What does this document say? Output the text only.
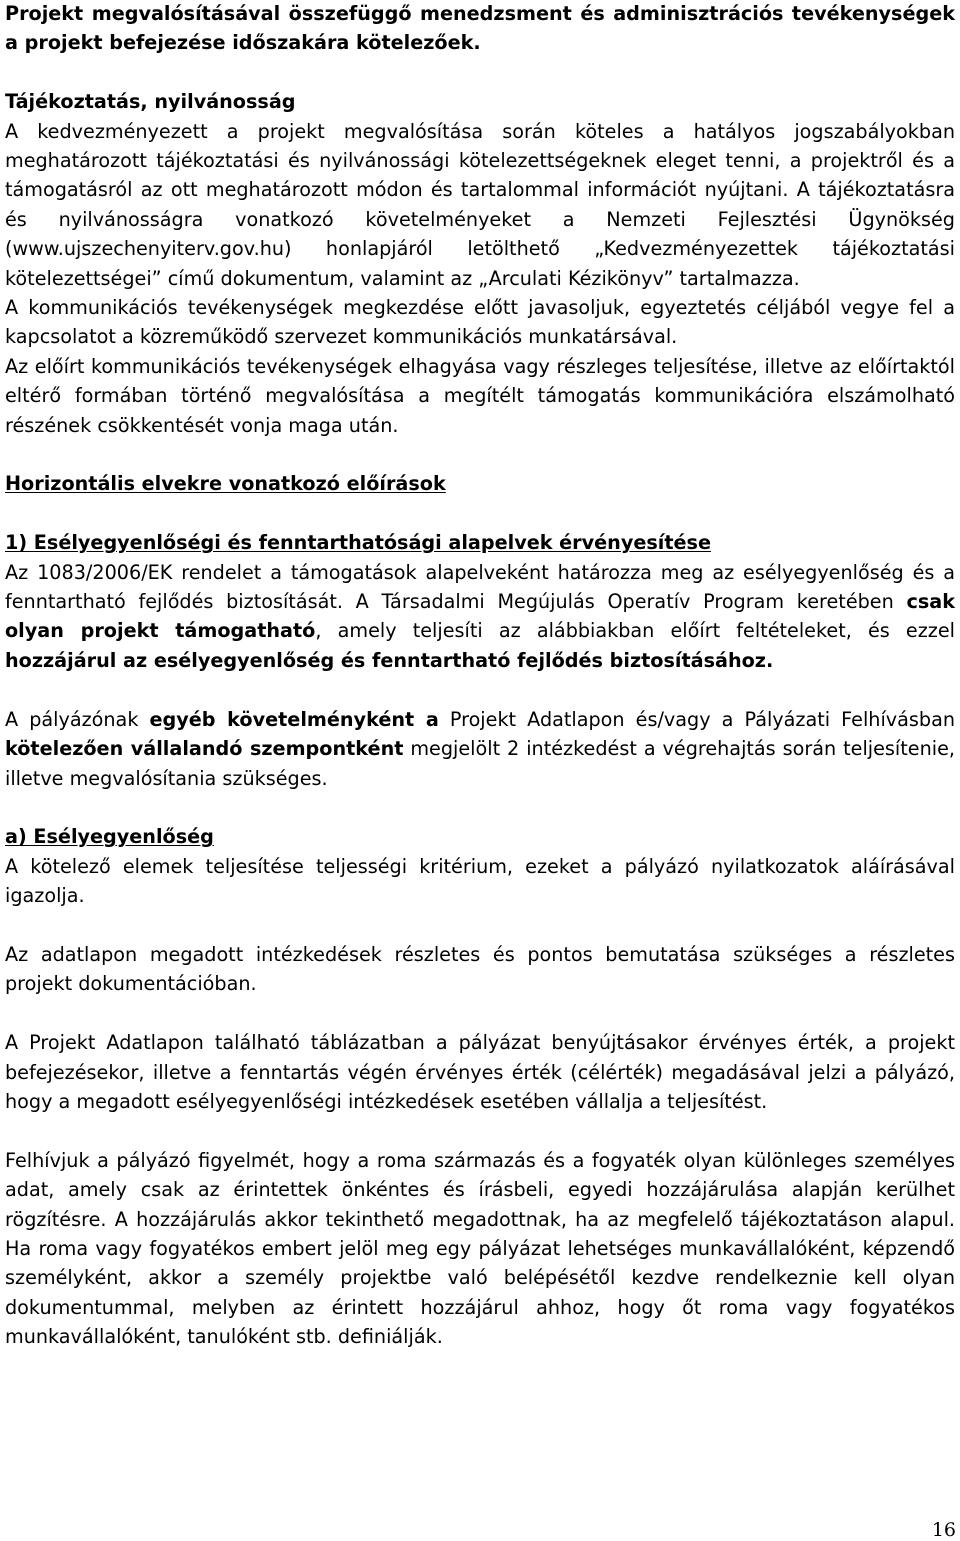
Projekt megvalósításával összefüggő menedzsment és adminisztrációs tevékenységek a projekt befejezése időszakára kötelezőek.

Tájékoztatás, nyilvánosság

A kedvezményezett a projekt megvalósítása során köteles a hatályos jogszabályokban meghatározott tájékoztatási és nyilvánossági kötelezettségeknek eleget tenni, a projektről és a támogatásról az ott meghatározott módon és tartalommal információt nyújtani. A tájékoztatásra és nyilvánosságra vonatkozó követelményeket a Nemzeti Fejlesztési Ügynökség (www.ujszechenyiterv.gov.hu) honlapjáról letölthető „Kedvezményezettek tájékoztatási kötelezettségei” című dokumentum, valamint az „Arculati Kézikönyv” tartalmazza.

A kommunikációs tevékenységek megkezdése előtt javasoljuk, egyeztetés céljából vegye fel a kapcsolatot a közreműködő szervezet kommunikációs munkatársával.

Az előírt kommunikációs tevékenységek elhagyása vagy részleges teljesítése, illetve az előírtaktól eltérő formában történő megvalósítása a megítélt támogatás kommunikációra elszámolható részének csökkentését vonja maga után.

Horizontális elvekre vonatkozó előírások

1) Esélyegyenlőségi és fenntarthatósági alapelvek érvényesítése

Az 1083/2006/EK rendelet a támogatások alapelveként határozza meg az esélyegyenlőség és a fenntartható fejlődés biztosítását. A Társadalmi Megújulás Operatív Program keretében csak olyan projekt támogatható, amely teljesíti az alábbiakban előírt feltételeket, és ezzel hozzájárul az esélyegyenlőség és fenntartható fejlődés biztosításához.

A pályázónak egyéb követelményként a Projekt Adatlapon és/vagy a Pályázati Felhívásban kötelezően vállalandó szempontként megjelölt 2 intézkedést a végrehajtás során teljesítenie, illetve megvalósítania szükséges.

a) Esélyegyenlőség

A kötelező elemek teljesítése teljességi kritérium, ezeket a pályázó nyilatkozatok aláírásával igazolja.

Az adatlapon megadott intézkedések részletes és pontos bemutatása szükséges a részletes projekt dokumentációban.

A Projekt Adatlapon található táblázatban a pályázat benyújtásakor érvényes érték, a projekt befejezésekor, illetve a fenntartás végén érvényes érték (célérték) megadásával jelzi a pályázó, hogy a megadott esélyegyenlőségi intézkedések esetében vállalja a teljesítést.

Felhívjuk a pályázó figyelmét, hogy a roma származás és a fogyaték olyan különleges személyes adat, amely csak az érintettek önkéntes és írásbeli, egyedi hozzájárulása alapján kerülhet rögzítésre. A hozzájárulás akkor tekinthető megadottnak, ha az megfelelő tájékoztatáson alapul. Ha roma vagy fogyatékos embert jelöl meg egy pályázat lehetséges munkavállalóként, képzendő személyként, akkor a személy projektbe való belépésétől kezdve rendelkeznie kell olyan dokumentummal, melyben az érintett hozzájárul ahhoz, hogy őt roma vagy fogyatékos munkavállalóként, tanulóként stb. definiálják.

16
